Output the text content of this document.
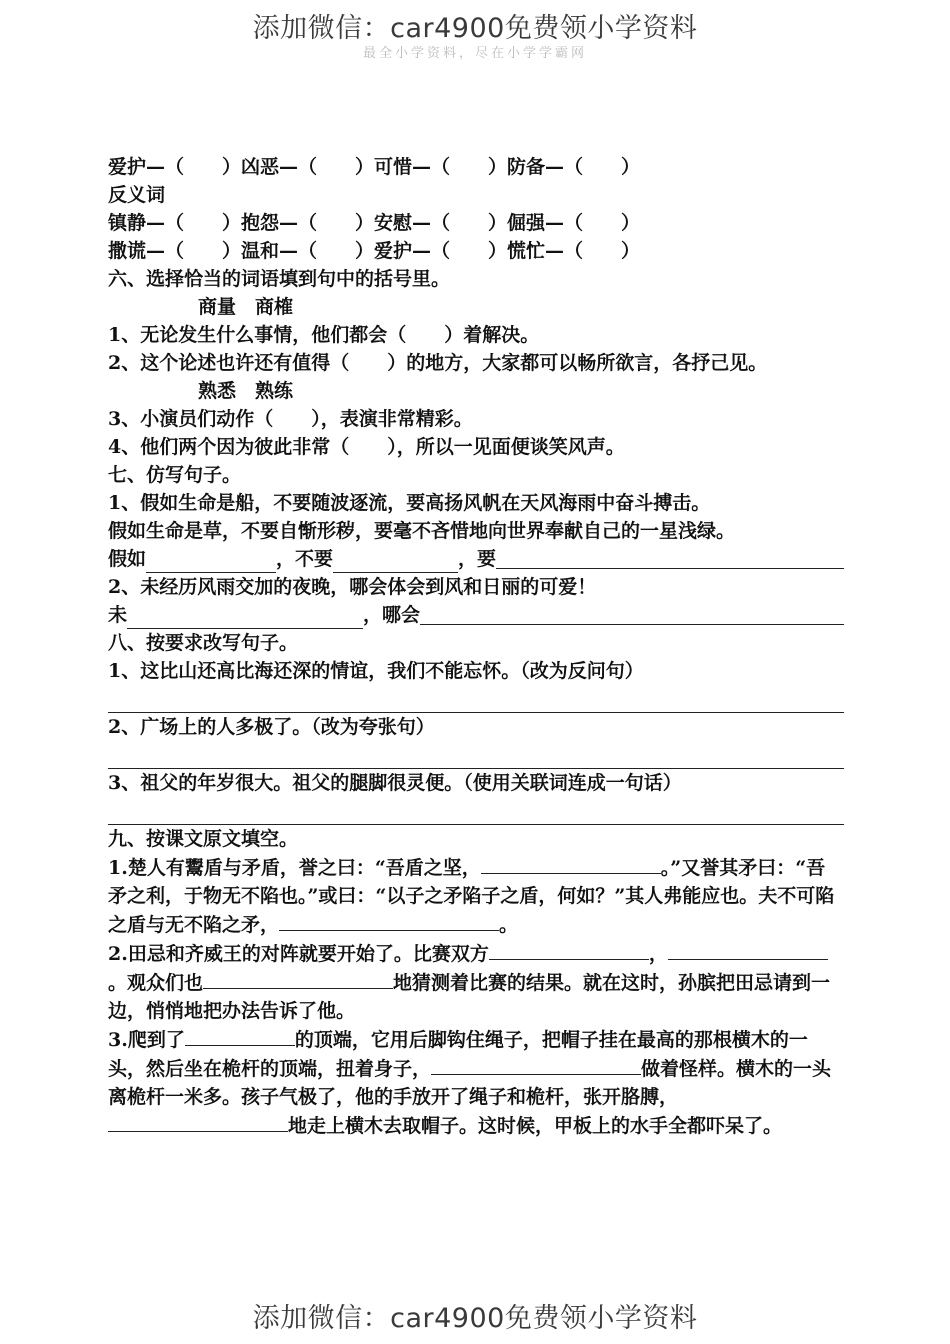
添加微信：car4900免费领小学资料
最全小学资料，尽在小学学霸网
爱护—（　　）凶恶—（　　）可惜—（　　）防备—（　　）
反义词
镇静—（　　）抱怨—（　　）安慰—（　　）倔强—（　　）
撒谎—（　　）温和—（　　）爱护—（　　）慌忙—（　　）
六、选择恰当的词语填到句中的括号里。
商量　商榷
1、无论发生什么事情，他们都会（　　）着解决。
2、这个论述也许还有值得（　　）的地方，大家都可以畅所欲言，各抒己见。
熟悉　熟练
3、小演员们动作（　　），表演非常精彩。
4、他们两个因为彼此非常（　　），所以一见面便谈笑风声。
七、仿写句子。
1、假如生命是船，不要随波逐流，要高扬风帆在天风海雨中奋斗搏击。
假如生命是草，不要自惭形秽，要毫不吝惜地向世界奉献自己的一星浅绿。
假如	，不要	，要
2、未经历风雨交加的夜晚，哪会体会到风和日丽的可爱！
未	，哪会
八、按要求改写句子。
1、这比山还高比海还深的情谊，我们不能忘怀。（改为反问句）
2、广场上的人多极了。（改为夸张句）
3、祖父的年岁很大。祖父的腿脚很灵便。（使用关联词连成一句话）
九、按课文原文填空。
1.楚人有鬻盾与矛盾，誉之曰：“吾盾之坚，	。”又誉其矛曰：“吾矛之利，于物无不陷也。”或曰：“以子之矛陷子之盾，何如？”其人弗能应也。夫不可陷之盾与无不陷之矛，	。
2.田忌和齐威王的对阵就要开始了。比赛双方	，。观众们也	地猜测着比赛的结果。就在这时，孙膑把田忌请到一边，悄悄地把办法告诉了他。
3.爬到了	的顶端，它用后脚钩住绳子，把帽子挂在最高的那根横木的一头，然后坐在桅杆的顶端，扭着身子，	做着怪样。横木的一头离桅杆一米多。孩子气极了，他的手放开了绳子和桅杆，张开胳膊，地走上横木去取帽子。这时候，甲板上的水手全都吓呆了。
添加微信：car4900免费领小学资料
